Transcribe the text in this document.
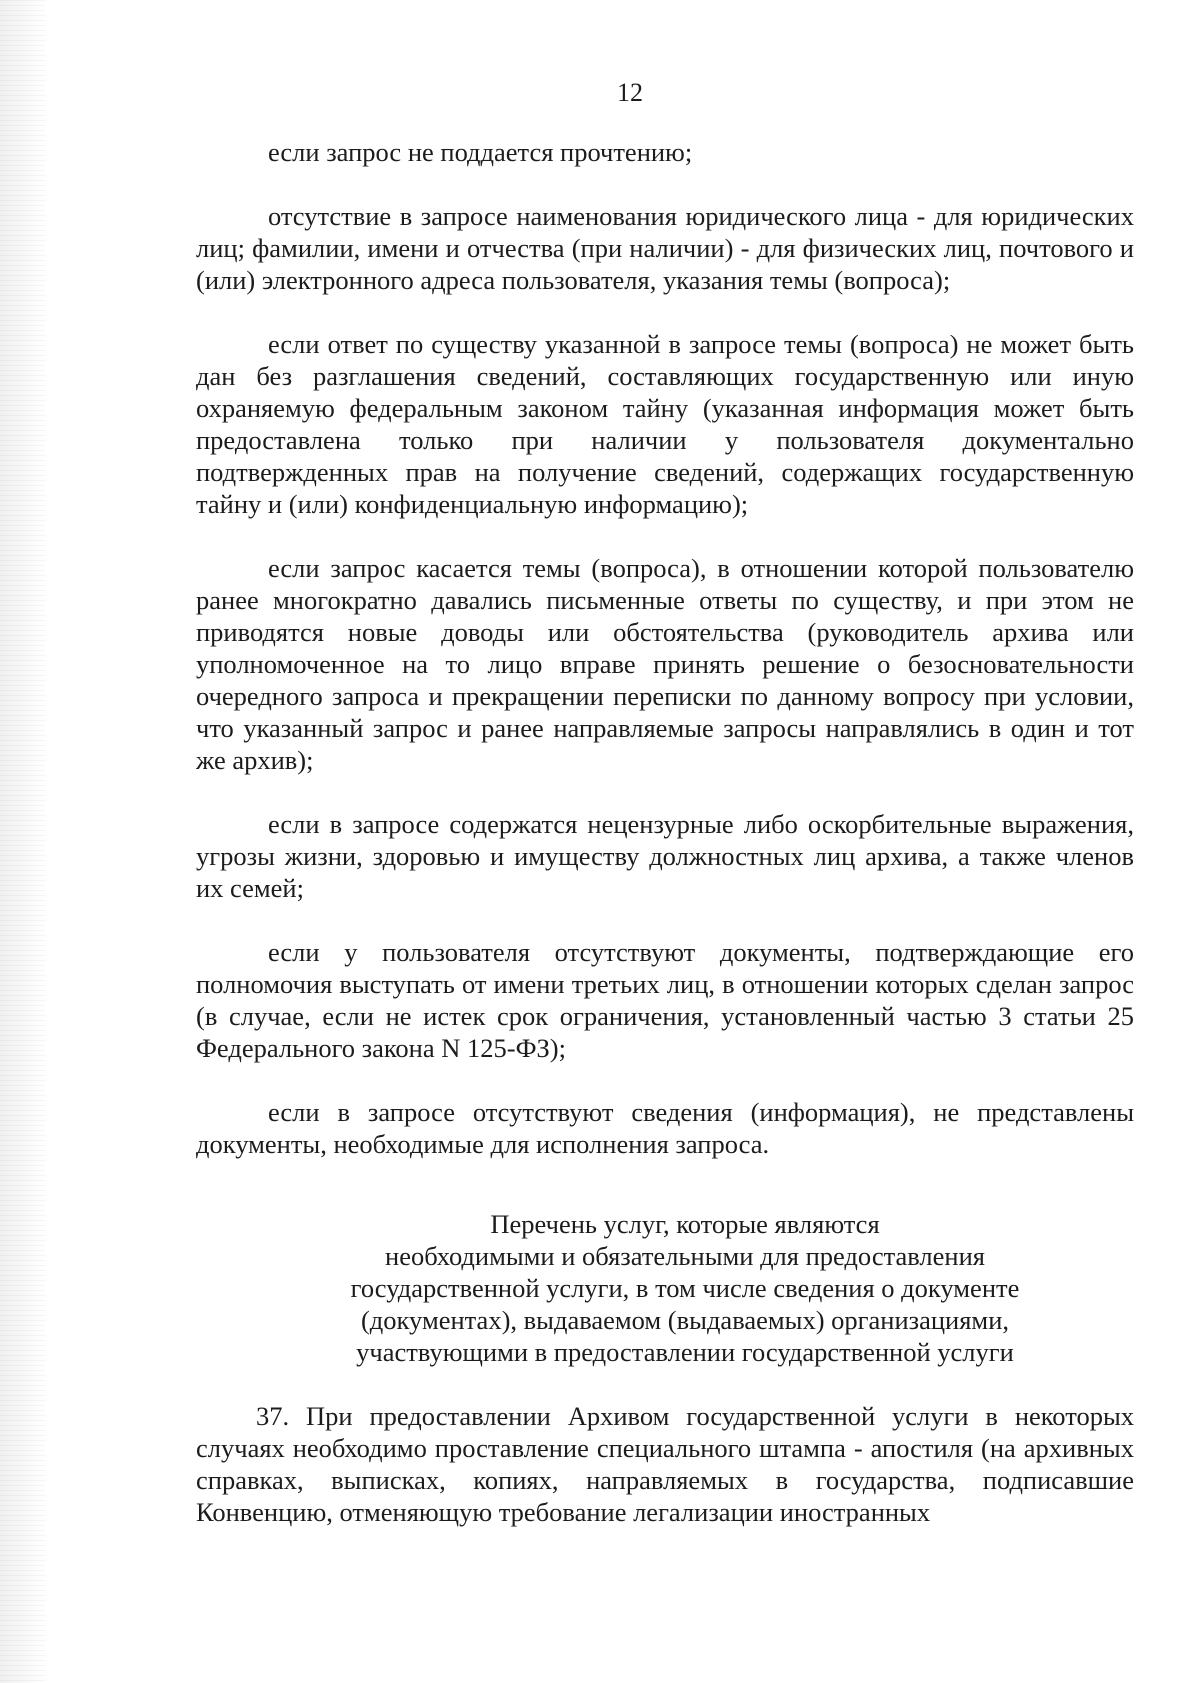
12

если запрос не поддается прочтению;

отсутствие в запросе наименования юридического лица - для юридических лиц; фамилии, имени и отчества (при наличии) - для физических лиц, почтового и (или) электронного адреса пользователя, указания темы (вопроса);

если ответ по существу указанной в запросе темы (вопроса) не может быть дан без разглашения сведений, составляющих государственную или иную охраняемую федеральным законом тайну (указанная информация может быть предоставлена только при наличии у пользователя документально подтвержденных прав на получение сведений, содержащих государственную тайну и (или) конфиденциальную информацию);

если запрос касается темы (вопроса), в отношении которой пользователю ранее многократно давались письменные ответы по существу, и при этом не приводятся новые доводы или обстоятельства (руководитель архива или уполномоченное на то лицо вправе принять решение о безосновательности очередного запроса и прекращении переписки по данному вопросу при условии, что указанный запрос и ранее направляемые запросы направлялись в один и тот же архив);

если в запросе содержатся нецензурные либо оскорбительные выражения, угрозы жизни, здоровью и имуществу должностных лиц архива, а также членов их семей;

если у пользователя отсутствуют документы, подтверждающие его полномочия выступать от имени третьих лиц, в отношении которых сделан запрос (в случае, если не истек срок ограничения, установленный частью 3 статьи 25 Федерального закона N 125-ФЗ);

если в запросе отсутствуют сведения (информация), не представлены документы, необходимые для исполнения запроса.

Перечень услуг, которые являются
необходимыми и обязательными для предоставления
государственной услуги, в том числе сведения о документе
(документах), выдаваемом (выдаваемых) организациями,
участвующими в предоставлении государственной услуги

37. При предоставлении Архивом государственной услуги в некоторых случаях необходимо проставление специального штампа - апостиля (на архивных справках, выписках, копиях, направляемых в государства, подписавшие Конвенцию, отменяющую требование легализации иностранных
